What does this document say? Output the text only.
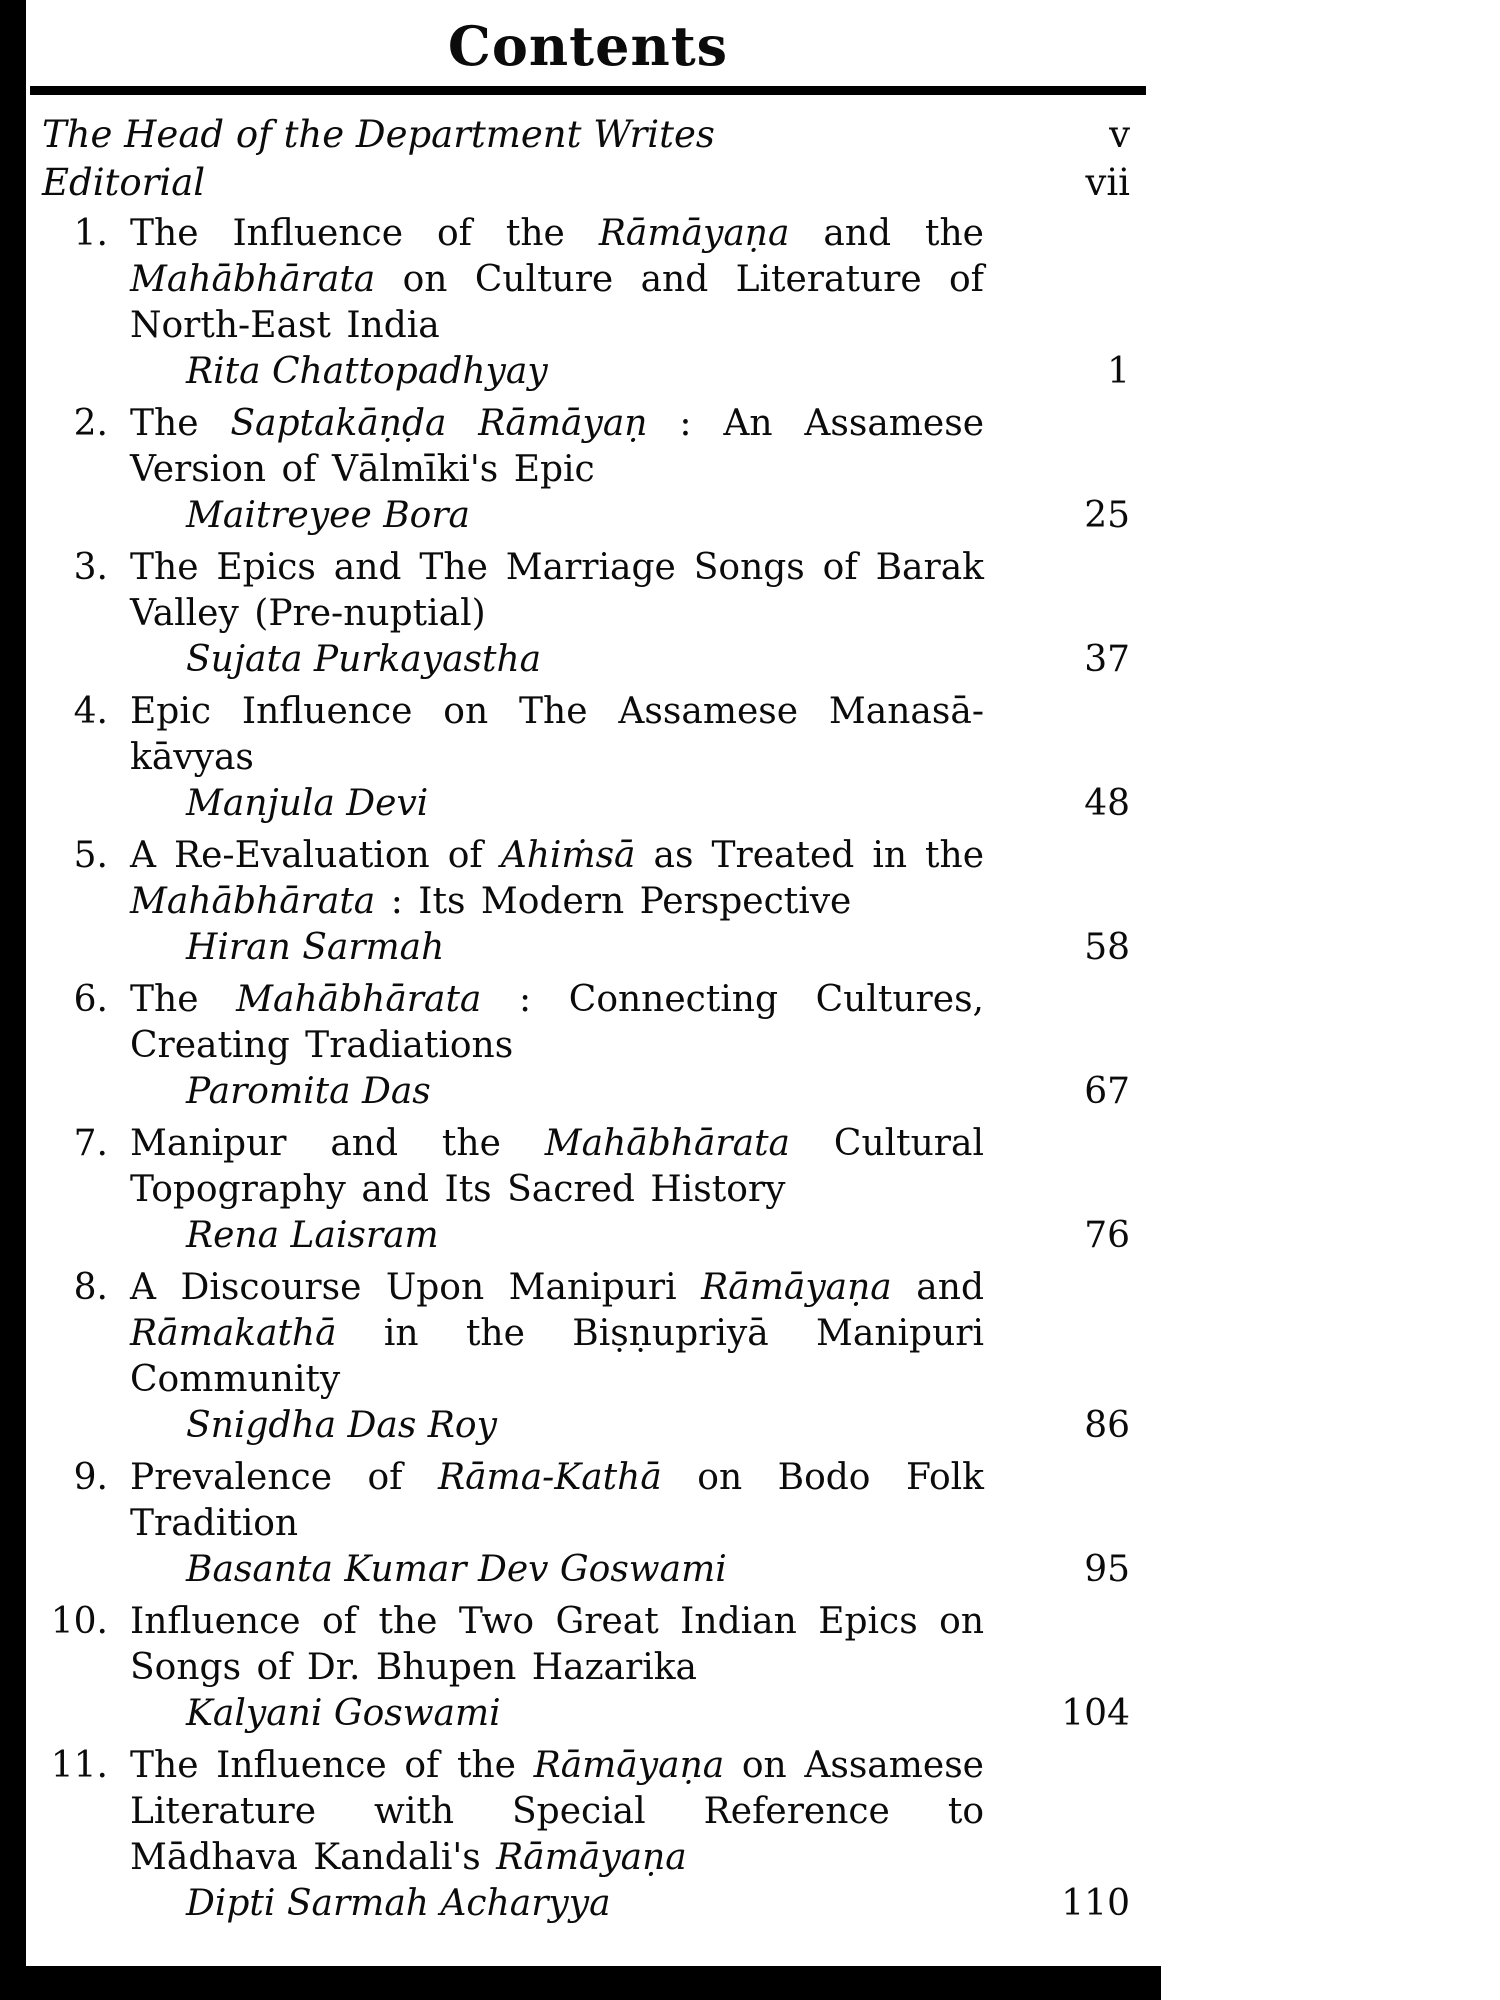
Contents
The Head of the Department Writes	v
Editorial	vii
1. The Influence of the Rāmāyaṇa and the Mahābhārata on Culture and Literature of North-East India
Rita Chattopadhyay	1
2. The Saptakāṇḍa Rāmāyaṇ : An Assamese Version of Vālmīki's Epic
Maitreyee Bora	25
3. The Epics and The Marriage Songs of Barak Valley (Pre-nuptial)
Sujata Purkayastha	37
4. Epic Influence on The Assamese Manasā-kāvyas
Manjula Devi	48
5. A Re-Evaluation of Ahiṁsā as Treated in the Mahābhārata : Its Modern Perspective
Hiran Sarmah	58
6. The Mahābhārata : Connecting Cultures, Creating Tradiations
Paromita Das	67
7. Manipur and the Mahābhārata Cultural Topography and Its Sacred History
Rena Laisram	76
8. A Discourse Upon Manipuri Rāmāyaṇa and Rāmakathā in the Biṣṇupriyā Manipuri Community
Snigdha Das Roy	86
9. Prevalence of Rāma-Kathā on Bodo Folk Tradition
Basanta Kumar Dev Goswami	95
10. Influence of the Two Great Indian Epics on Songs of Dr. Bhupen Hazarika
Kalyani Goswami	104
11. The Influence of the Rāmāyaṇa on Assamese Literature with Special Reference to Mādhava Kandali's Rāmāyaṇa
Dipti Sarmah Acharyya	110
